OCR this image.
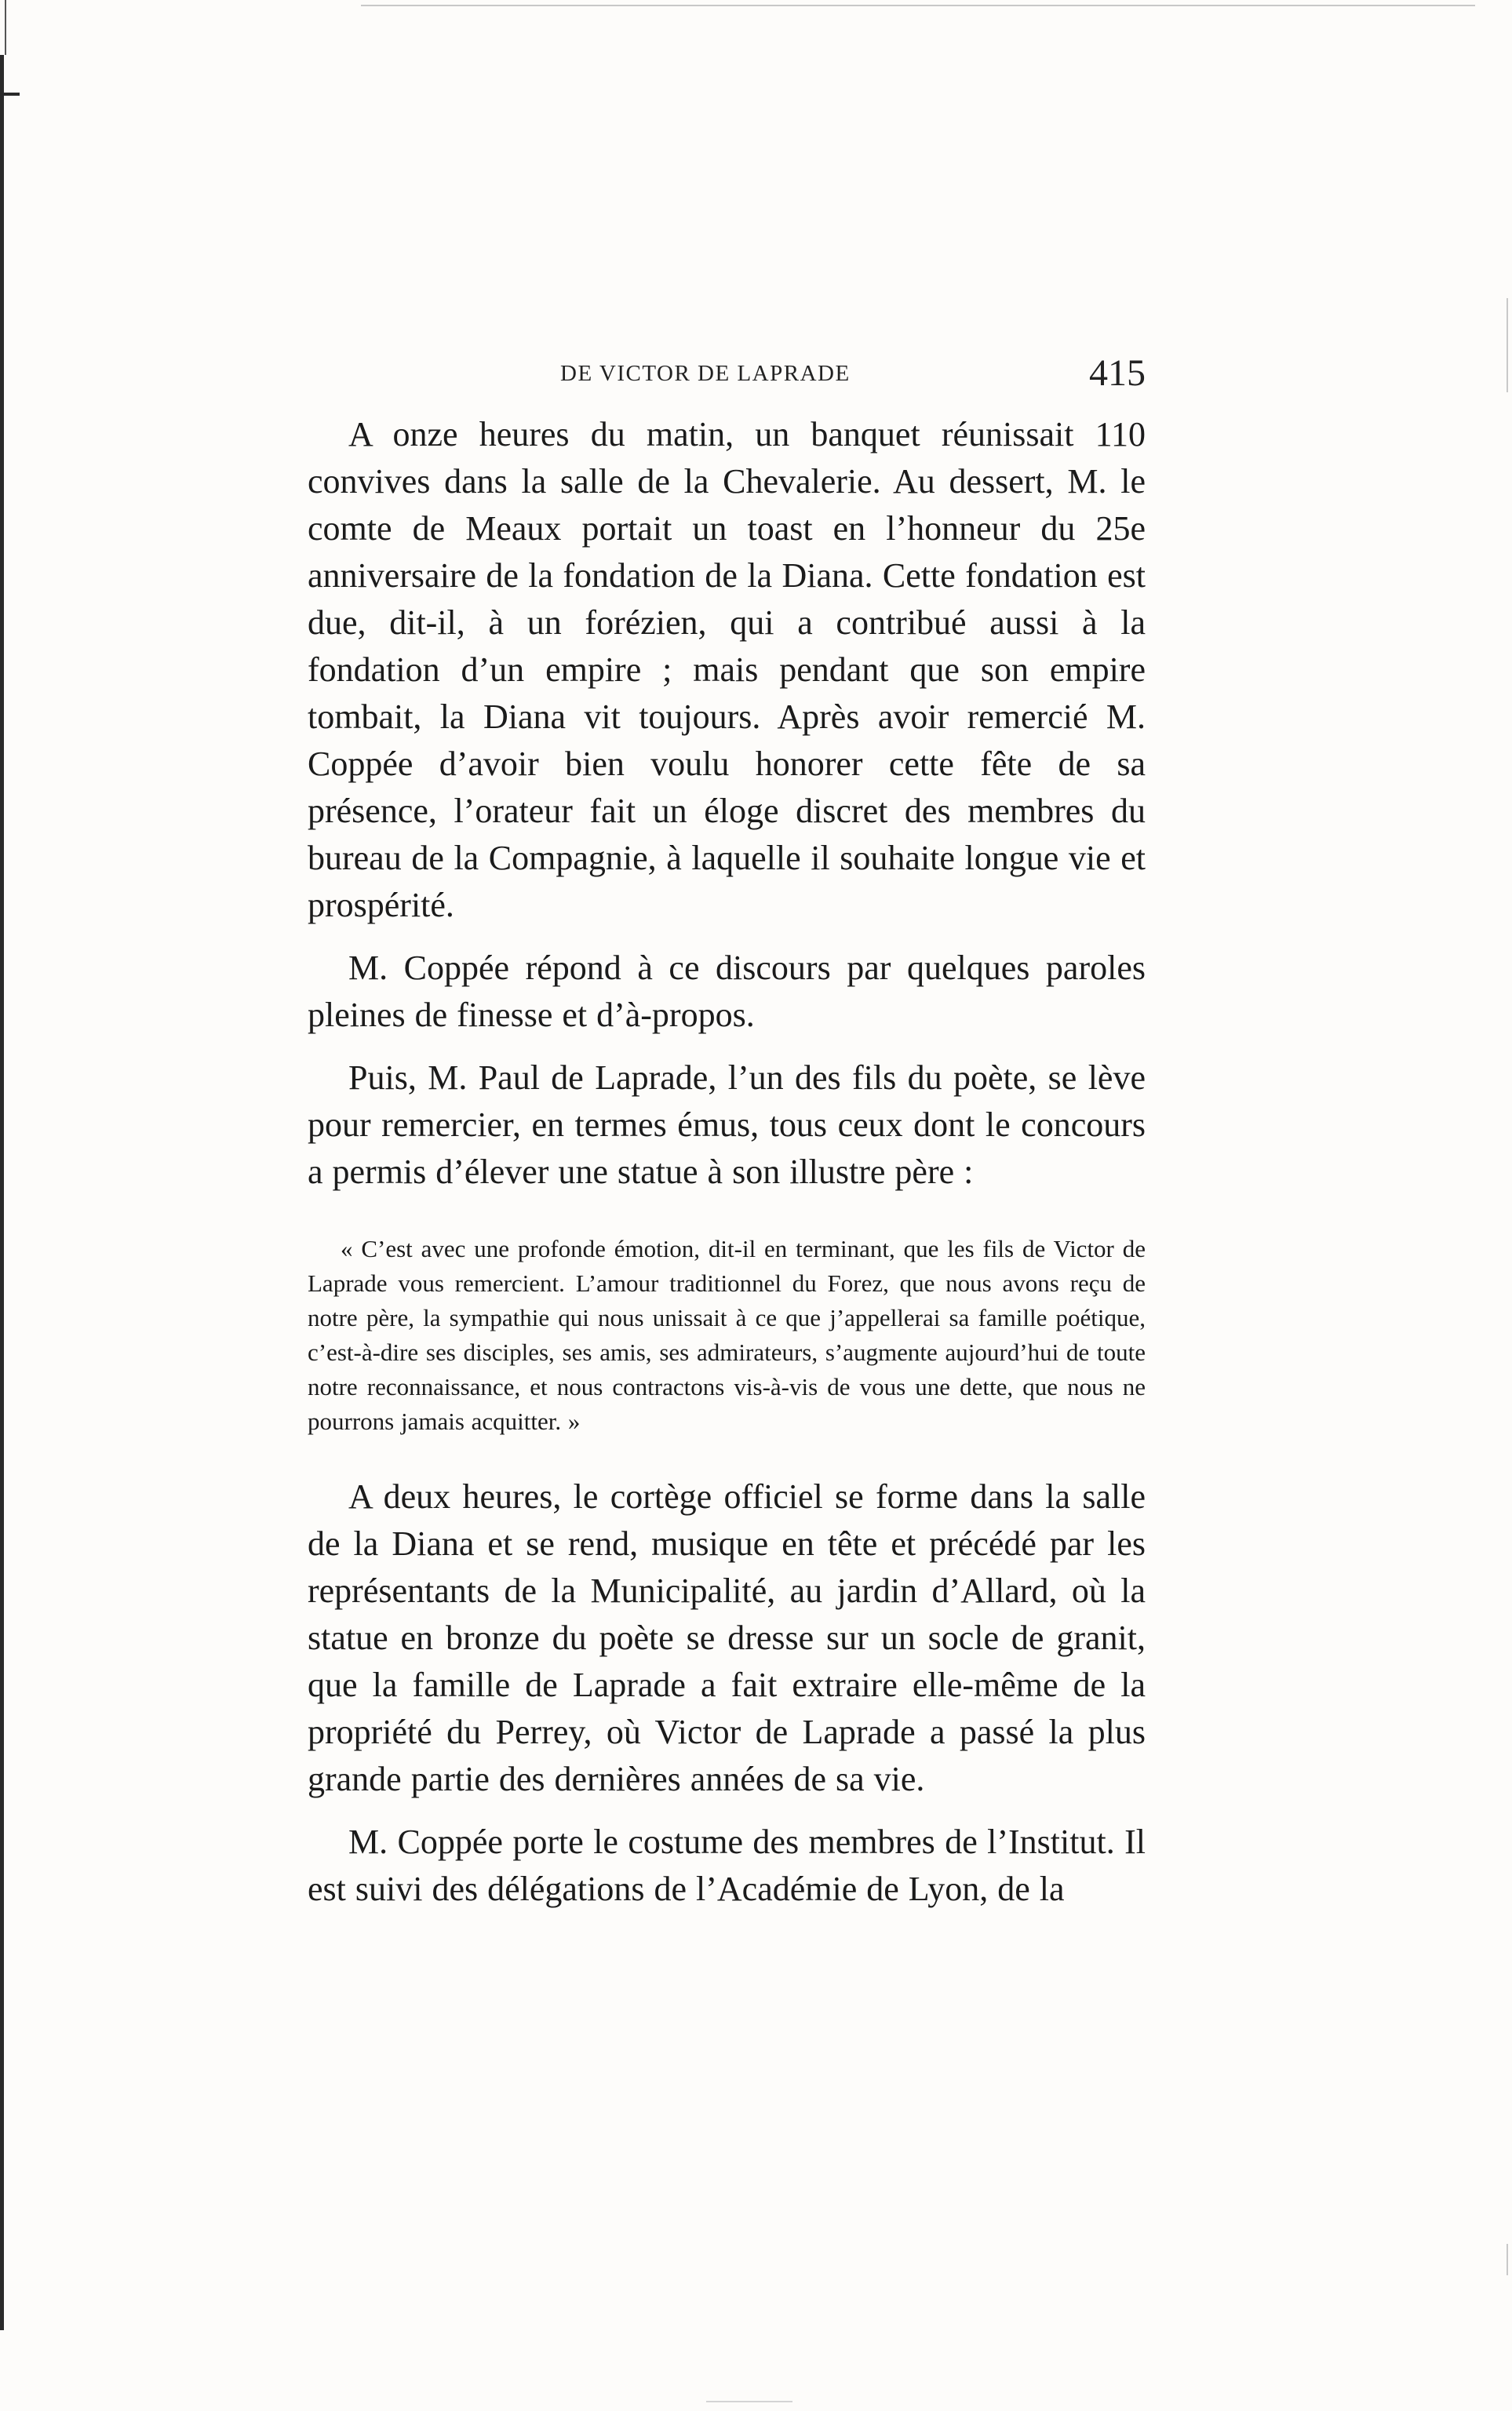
DE VICTOR DE LAPRADE	415

A onze heures du matin, un banquet réunissait 110 convives dans la salle de la Chevalerie. Au dessert, M. le comte de Meaux portait un toast en l’honneur du 25e anniversaire de la fondation de la Diana. Cette fondation est due, dit-il, à un forézien, qui a contribué aussi à la fondation d’un empire ; mais pendant que son empire tombait, la Diana vit toujours. Après avoir remercié M. Coppée d’avoir bien voulu honorer cette fête de sa présence, l’orateur fait un éloge discret des membres du bureau de la Compagnie, à laquelle il souhaite longue vie et prospérité.

M. Coppée répond à ce discours par quelques paroles pleines de finesse et d’à-propos.

Puis, M. Paul de Laprade, l’un des fils du poète, se lève pour remercier, en termes émus, tous ceux dont le concours a permis d’élever une statue à son illustre père :

« C’est avec une profonde émotion, dit-il en terminant, que les fils de Victor de Laprade vous remercient. L’amour traditionnel du Forez, que nous avons reçu de notre père, la sympathie qui nous unissait à ce que j’appellerai sa famille poétique, c’est-à-dire ses disciples, ses amis, ses admirateurs, s’augmente aujourd’hui de toute notre reconnaissance, et nous contractons vis-à-vis de vous une dette, que nous ne pourrons jamais acquitter. »

A deux heures, le cortège officiel se forme dans la salle de la Diana et se rend, musique en tête et précédé par les représentants de la Municipalité, au jardin d’Allard, où la statue en bronze du poète se dresse sur un socle de granit, que la famille de Laprade a fait extraire elle-même de la propriété du Perrey, où Victor de Laprade a passé la plus grande partie des dernières années de sa vie.

M. Coppée porte le costume des membres de l’Institut. Il est suivi des délégations de l’Académie de Lyon, de la
